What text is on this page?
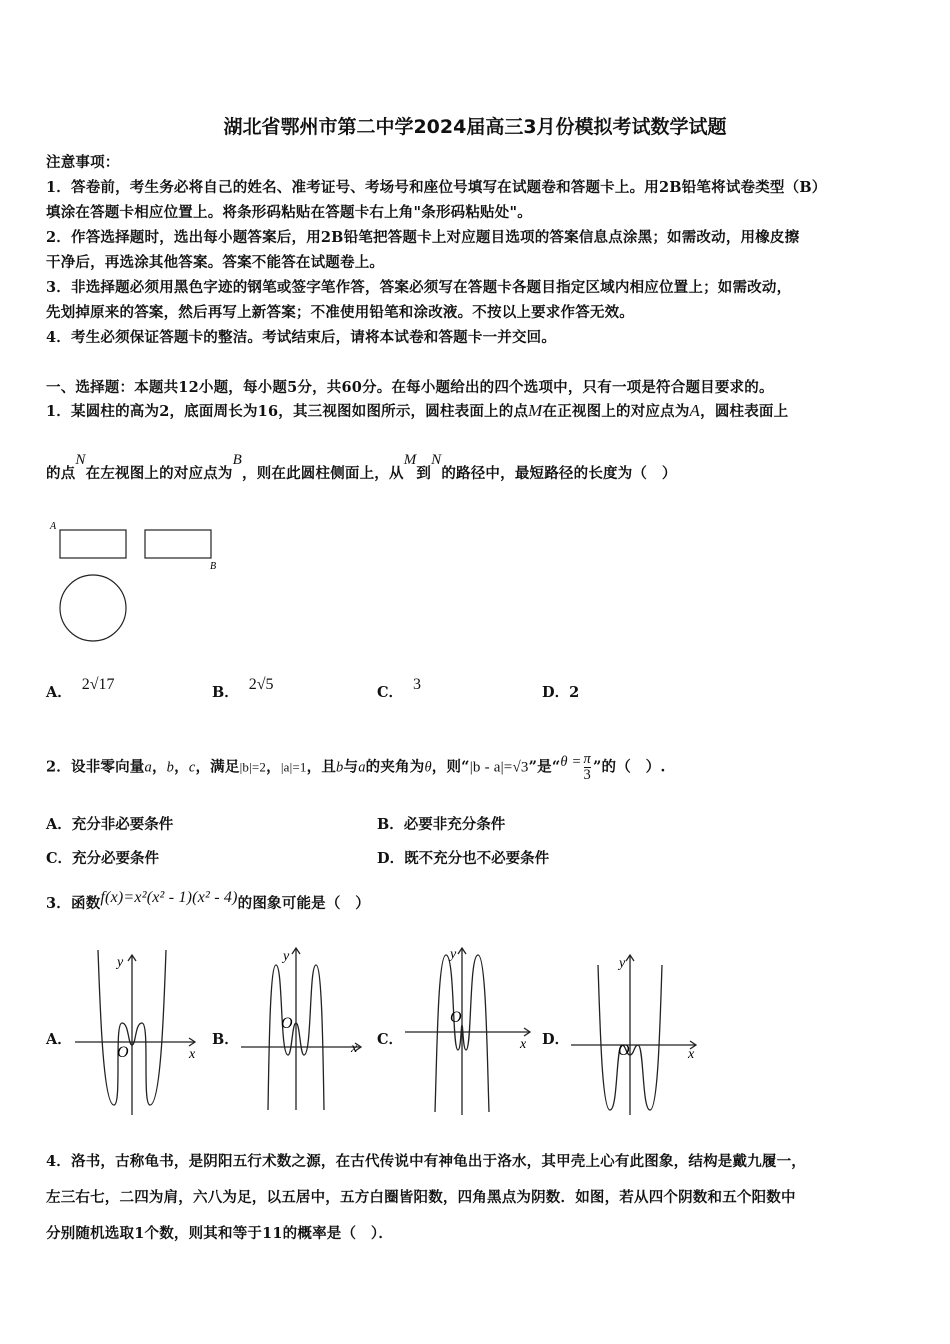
湖北省鄂州市第二中学2024届高三3月份模拟考试数学试题
注意事项：
1．答卷前，考生务必将自己的姓名、准考证号、考场号和座位号填写在试题卷和答题卡上。用2B铅笔将试卷类型（B）
填涂在答题卡相应位置上。将条形码粘贴在答题卡右上角"条形码粘贴处"。
2．作答选择题时，选出每小题答案后，用2B铅笔把答题卡上对应题目选项的答案信息点涂黑；如需改动，用橡皮擦
干净后，再选涂其他答案。答案不能答在试题卷上。
3．非选择题必须用黑色字迹的钢笔或签字笔作答，答案必须写在答题卡各题目指定区域内相应位置上；如需改动，
先划掉原来的答案，然后再写上新答案；不准使用铅笔和涂改液。不按以上要求作答无效。
4．考生必须保证答题卡的整洁。考试结束后，请将本试卷和答题卡一并交回。
一、选择题：本题共12小题，每小题5分，共60分。在每小题给出的四个选项中，只有一项是符合题目要求的。
1．某圆柱的高为2，底面周长为16，其三视图如图所示，圆柱表面上的点M在正视图上的对应点为A，圆柱表面上
的点N在左视图上的对应点为B，则在此圆柱侧面上，从M到N的路径中，最短路径的长度为（　）
A
B
A． 2√17	B． 2√5	C． 3	D．2
2．设非零向量a，b，c，满足|b|=2，|a|=1，且b与a的夹角为θ，则“|b - a|=√3”是“$\theta = \frac{\pi}{3}$ ”的（　）.
A．充分非必要条件	B．必要非充分条件
C．充分必要条件	D．既不充分也不必要条件
3．函数f(x)=x²(x² - 1)(x² - 4)的图象可能是（　）
A．
y
x
O
B．
y
x
O
C．
y
x
O
D．
y
x
O
4．洛书，古称龟书，是阴阳五行术数之源，在古代传说中有神龟出于洛水，其甲壳上心有此图象，结构是戴九履一，
左三右七，二四为肩，六八为足，以五居中，五方白圈皆阳数，四角黑点为阴数．如图，若从四个阴数和五个阳数中
分别随机选取1个数，则其和等于11的概率是（　）．
